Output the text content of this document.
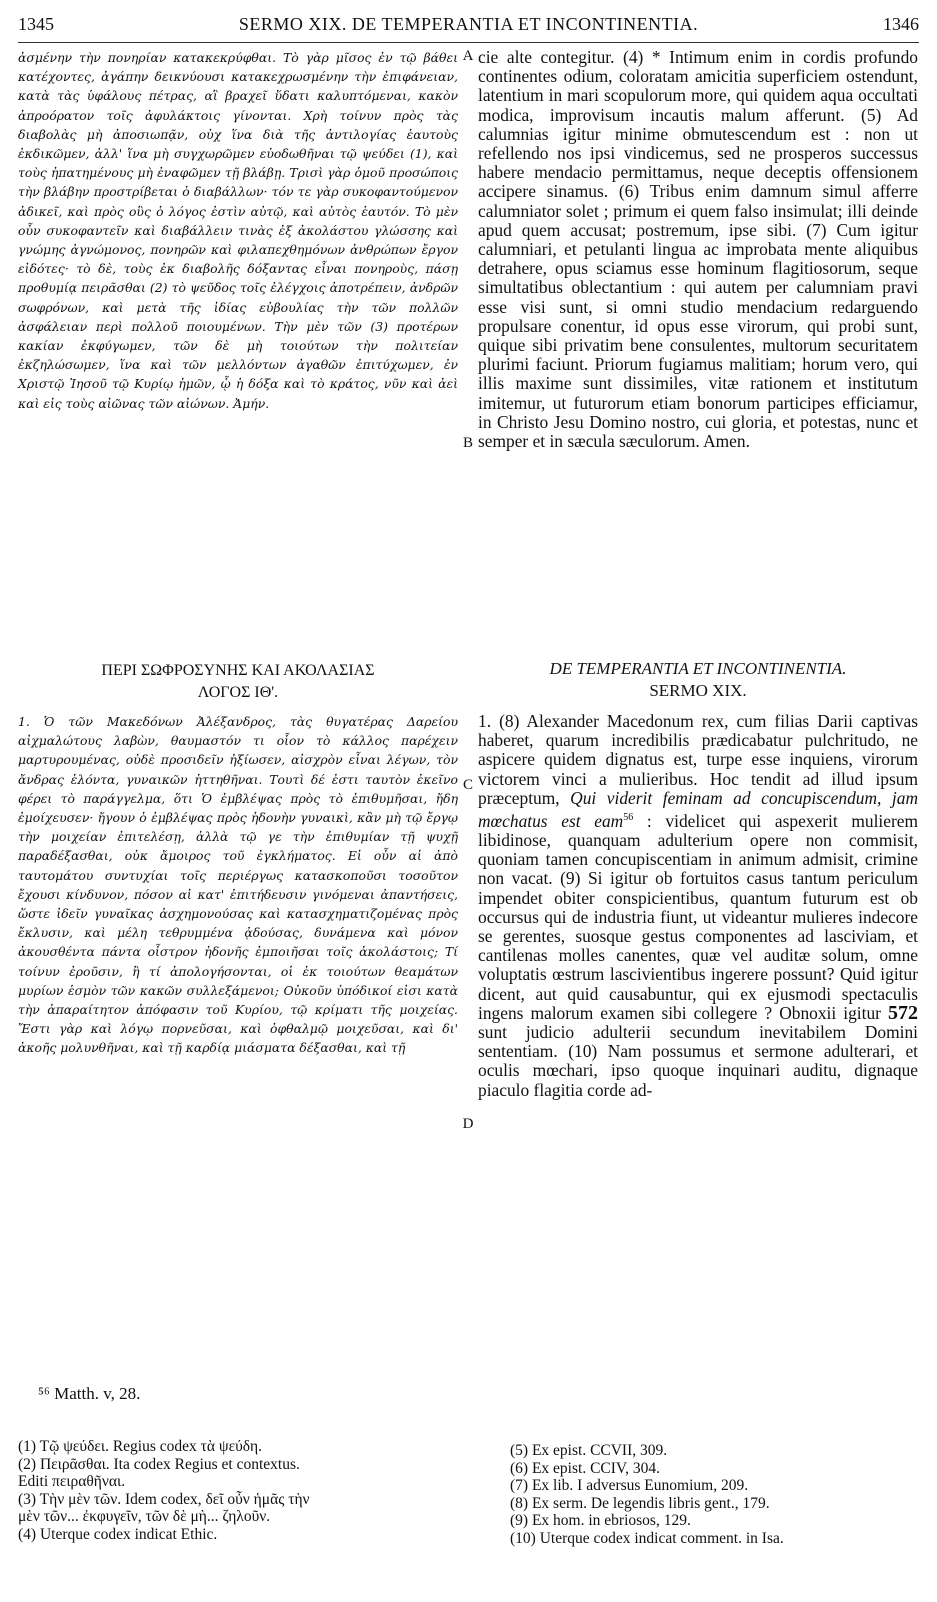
1345	SERMO XIX. DE TEMPERANTIA ET INCONTINENTIA.	1346

ἀσμένην τὴν πονηρίαν κατακεκρύφθαι. Τὸ γὰρ μῖσος ἐν τῷ βάθει κατέχοντες, ἀγάπην δεικνύουσι κατακεχρωσμένην τὴν ἐπιφάνειαν, κατὰ τὰς ὑφάλους πέτρας, αἳ βραχεῖ ὕδατι καλυπτόμεναι, κακὸν ἀπροόρατον τοῖς ἀφυλάκτοις γίνονται. Χρὴ τοίνυν πρὸς τὰς διαβολὰς μὴ ἀποσιωπᾷν, οὐχ ἵνα διὰ τῆς ἀντιλογίας ἑαυτοὺς ἐκδικῶμεν, ἀλλ' ἵνα μὴ συγχωρῶμεν εὐοδωθῆναι τῷ ψεύδει (1), καὶ τοὺς ἠπατημένους μὴ ἐναφῶμεν τῇ βλάβῃ. Τρισὶ γὰρ ὁμοῦ προσώποις τὴν βλάβην προστρίβεται ὁ διαβάλλων· τόν τε γὰρ συκοφαντούμενον ἀδικεῖ, καὶ πρὸς οὓς ὁ λόγος ἐστὶν αὐτῷ, καὶ αὐτὸς ἑαυτόν. Τὸ μὲν οὖν συκοφαντεῖν καὶ διαβάλλειν τινὰς ἐξ ἀκολάστου γλώσσης καὶ γνώμης ἀγνώμονος, πονηρῶν καὶ φιλαπεχθημόνων ἀνθρώπων ἔργον εἰδότες· τὸ δὲ, τοὺς ἐκ διαβολῆς δόξαντας εἶναι πονηροὺς, πάσῃ προθυμίᾳ πειρᾶσθαι (2) τὸ ψεῦδος τοῖς ἐλέγχοις ἀποτρέπειν, ἀνδρῶν σωφρόνων, καὶ μετὰ τῆς ἰδίας εὐβουλίας τὴν τῶν πολλῶν ἀσφάλειαν περὶ πολλοῦ ποιουμένων. Τὴν μὲν τῶν (3) προτέρων κακίαν ἐκφύγωμεν, τῶν δὲ μὴ τοιούτων τὴν πολιτείαν ἐκζηλώσωμεν, ἵνα καὶ τῶν μελλόντων ἀγαθῶν ἐπιτύχωμεν, ἐν Χριστῷ Ἰησοῦ τῷ Κυρίῳ ἡμῶν, ᾧ ἡ δόξα καὶ τὸ κράτος, νῦν καὶ ἀεὶ καὶ εἰς τοὺς αἰῶνας τῶν αἰώνων. Ἀμήν.

cie alte contegitur. (4) * Intimum enim in cordis profundo continentes odium, coloratam amicitia superficiem ostendunt, latentium in mari scopulorum more, qui quidem aqua occultati modica, improvisum incautis malum afferunt. (5) Ad calumnias igitur minime obmutescendum est : non ut refellendo nos ipsi vindicemus, sed ne prosperos successus habere mendacio permittamus, neque deceptis offensionem accipere sinamus. (6) Tribus enim damnum simul afferre calumniator solet ; primum ei quem falso insimulat; illi deinde apud quem accusat; postremum, ipse sibi. (7) Cum igitur calumniari, et petulanti lingua ac improbata mente aliquibus detrahere, opus sciamus esse hominum flagitiosorum, seque simultatibus oblectantium : qui autem per calumniam pravi esse visi sunt, si omni studio mendacium redarguendo propulsare conentur, id opus esse virorum, qui probi sunt, quique sibi privatim bene consulentes, multorum securitatem plurimi faciunt. Priorum fugiamus malitiam; horum vero, qui illis maxime sunt dissimiles, vitæ rationem et institutum imitemur, ut futurorum etiam bonorum participes efficiamur, in Christo Jesu Domino nostro, cui gloria, et potestas, nunc et semper et in sæcula sæculorum. Amen.

A
B
C
D
ΠΕΡΙ ΣΩΦΡΟΣΥΝΗΣ ΚΑΙ ΑΚΟΛΑΣΙΑΣ
ΛΟΓΟΣ ΙΘ'.
DE TEMPERANTIA ET INCONTINENTIA.
SERMO XIX.

1. Ὁ τῶν Μακεδόνων Ἀλέξανδρος, τὰς θυγατέρας Δαρείου αἰχμαλώτους λαβὼν, θαυμαστόν τι οἷον τὸ κάλλος παρέχειν μαρτυρουμένας, οὐδὲ προσιδεῖν ἠξίωσεν, αἰσχρὸν εἶναι λέγων, τὸν ἄνδρας ἑλόντα, γυναικῶν ἡττηθῆναι. Τουτὶ δέ ἐστι ταυτὸν ἐκεῖνο φέρει τὸ παράγγελμα, ὅτι Ὁ ἐμβλέψας πρὸς τὸ ἐπιθυμῆσαι, ἤδη ἐμοίχευσεν· ἤγουν ὁ ἐμβλέψας πρὸς ἡδονὴν γυναικὶ, κἂν μὴ τῷ ἔργῳ τὴν μοιχείαν ἐπιτελέσῃ, ἀλλὰ τῷ γε τὴν ἐπιθυμίαν τῇ ψυχῇ παραδέξασθαι, οὐκ ἄμοιρος τοῦ ἐγκλήματος. Εἰ οὖν αἱ ἀπὸ ταυτομάτου συντυχίαι τοῖς περιέργως κατασκοποῦσι τοσοῦτον ἔχουσι κίνδυνον, πόσον αἱ κατ' ἐπιτήδευσιν γινόμεναι ἀπαντήσεις, ὥστε ἰδεῖν γυναῖκας ἀσχημονούσας καὶ κατασχηματιζομένας πρὸς ἔκλυσιν, καὶ μέλη τεθρυμμένα ᾀδούσας, δυνάμενα καὶ μόνον ἀκουσθέντα πάντα οἶστρον ἡδονῆς ἐμποιῆσαι τοῖς ἀκολάστοις; Τί τοίνυν ἐροῦσιν, ἢ τί ἀπολογήσονται, οἱ ἐκ τοιούτων θεαμάτων μυρίων ἑσμὸν τῶν κακῶν συλλεξάμενοι; Οὐκοῦν ὑπόδικοί εἰσι κατὰ τὴν ἀπαραίτητον ἀπόφασιν τοῦ Κυρίου, τῷ κρίματι τῆς μοιχείας. Ἔστι γὰρ καὶ λόγῳ πορνεῦσαι, καὶ ὀφθαλμῷ μοιχεῦσαι, καὶ δι' ἀκοῆς μολυνθῆναι, καὶ τῇ καρδίᾳ μιάσματα δέξασθαι, καὶ τῇ

1. (8) Alexander Macedonum rex, cum filias Darii captivas haberet, quarum incredibilis prædicabatur pulchritudo, ne aspicere quidem dignatus est, turpe esse inquiens, virorum victorem vinci a mulieribus. Hoc tendit ad illud ipsum præceptum, Qui viderit feminam ad concupiscendum, jam mœchatus est eam$^{56}$ : videlicet qui aspexerit mulierem libidinose, quanquam adulterium opere non commisit, quoniam tamen concupiscentiam in animum admisit, crimine non vacat. (9) Si igitur ob fortuitos casus tantum periculum impendet obiter conspicientibus, quantum futurum est ob occursus qui de industria fiunt, ut videantur mulieres indecore se gerentes, suosque gestus componentes ad lasciviam, et cantilenas molles canentes, quæ vel auditæ solum, omne voluptatis œstrum lascivientibus ingerere possunt? Quid igitur dicent, aut quid causabuntur, qui ex ejusmodi spectaculis ingens malorum examen sibi collegere ? Obnoxii igitur 572 sunt judicio adulterii secundum inevitabilem Domini sententiam. (10) Nam possumus et sermone adulterari, et oculis mœchari, ipso quoque inquinari auditu, dignaque piaculo flagitia corde ad-

⁵⁶ Matth. v, 28.
(1) Τῷ ψεύδει. Regius codex τὰ ψεύδη.
(2) Πειρᾶσθαι. Ita codex Regius et contextus.
Editi πειραθῆναι.
(3) Τὴν μὲν τῶν. Idem codex, δεῖ οὖν ἡμᾶς τὴν
μὲν τῶν... ἐκφυγεῖν, τῶν δὲ μὴ... ζηλοῦν.
(4) Uterque codex indicat Ethic.
(5) Ex epist. CCVII, 309.
(6) Ex epist. CCIV, 304.
(7) Ex lib. I adversus Eunomium, 209.
(8) Ex serm. De legendis libris gent., 179.
(9) Ex hom. in ebriosos, 129.
(10) Uterque codex indicat comment. in Isa.
